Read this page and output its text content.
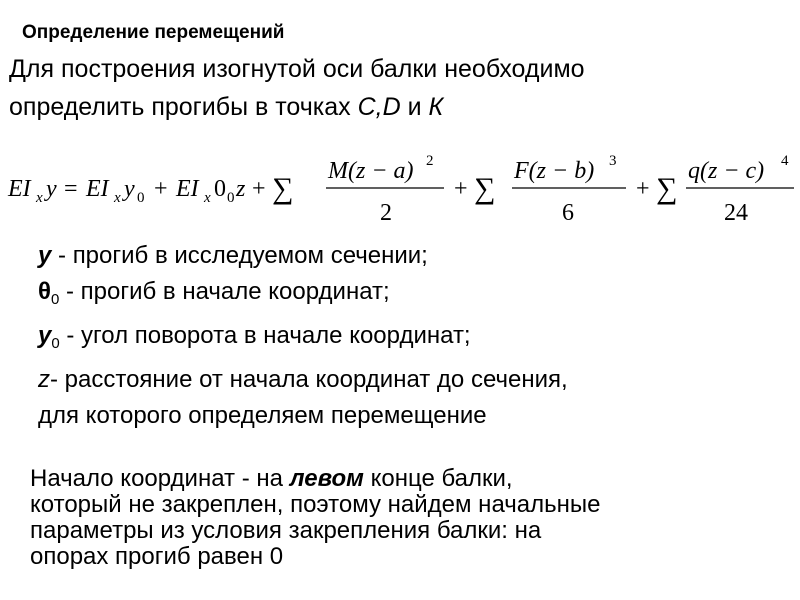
Определение перемещений
Для построения изогнутой оси балки необходимо
определить прогибы в точках C,D и К
EI x y = EI x y 0 + EI x 0 0 z + ∑
M(z − a) 2
2
+ ∑
F(z − b) 3
6
+ ∑
q(z − c) 4
24
y - прогиб в исследуемом сечении;
$\theta_0$ - прогиб в начале координат;
$y_0$ - угол поворота в начале координат;
z- расстояние от начала координат до сечения,
для которого определяем перемещение
Начало координат - на левом конце балки,
который не закреплен, поэтому найдем начальные
параметры из условия закрепления балки: на
опорах прогиб равен 0
